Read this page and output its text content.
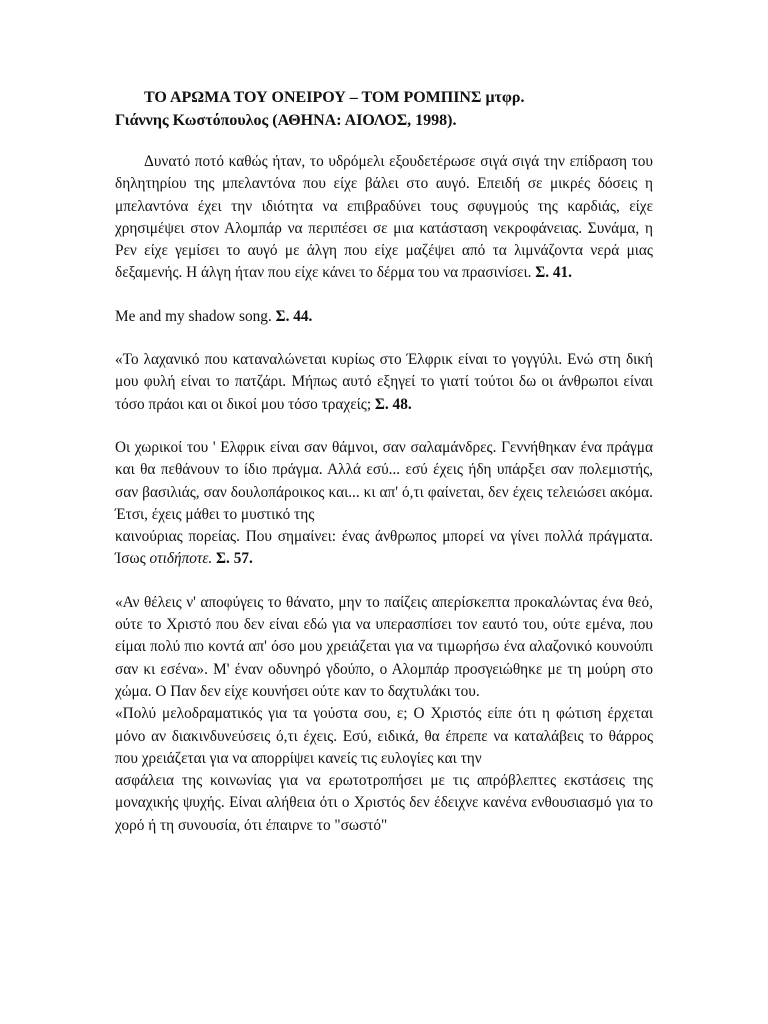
ΤΟ ΑΡΩΜΑ ΤΟΥ ΟΝΕΙΡΟΥ – ΤΟΜ ΡΟΜΠΙΝΣ μτφρ.
Γιάννης Κωστόπουλος (ΑΘΗΝΑ: ΑΙΟΛΟΣ, 1998).

Δυνατό ποτό καθώς ήταν, το υδρόμελι εξουδετέρωσε σιγά σιγά την επίδραση του δηλητηρίου της μπελαντόνα που είχε βάλει στο αυγό. Επειδή σε μικρές δόσεις η μπελαντόνα έχει την ιδιότητα να επιβραδύνει τους σφυγμούς της καρδιάς, είχε χρησιμέψει στον Αλομπάρ να περιπέσει σε μια κατάσταση νεκροφάνειας. Συνάμα, η Ρεν είχε γεμίσει το αυγό με άλγη που είχε μαζέψει από τα λιμνάζοντα νερά μιας δεξαμενής. Η άλγη ήταν που είχε κάνει το δέρμα του να πρασινίσει. Σ. 41.

Me and my shadow song. Σ. 44.

«Το λαχανικό που καταναλώνεται κυρίως στο Έλφρικ είναι το γογγύλι. Ενώ στη δική μου φυλή είναι το πατζάρι. Μήπως αυτό εξηγεί το γιατί τούτοι δω οι άνθρωποι είναι τόσο πράοι και οι δικοί μου τόσο τραχείς; Σ. 48.

Οι χωρικοί του ' Ελφρικ είναι σαν θάμνοι, σαν σαλαμάνδρες. Γεννήθηκαν ένα πράγμα και θα πεθάνουν το ίδιο πράγμα. Αλλά εσύ... εσύ έχεις ήδη υπάρξει σαν πολεμιστής, σαν βασιλιάς, σαν δουλοπάροικος και... κι απ' ό,τι φαίνεται, δεν έχεις τελειώσει ακόμα. Έτσι, έχεις μάθει το μυστικό της
καινούριας πορείας. Που σημαίνει: ένας άνθρωπος μπορεί να γίνει πολλά πράγματα. Ίσως οτιδήποτε. Σ. 57.

«Αν θέλεις ν' αποφύγεις το θάνατο, μην το παίζεις απερίσκεπτα προκαλώντας ένα θεό, ούτε το Χριστό που δεν είναι εδώ για να υπερασπίσει τον εαυτό του, ούτε εμένα, που είμαι πολύ πιο κοντά απ' όσο μου χρειάζεται για να τιμωρήσω ένα αλαζονικό κουνούπι σαν κι εσένα». Μ' έναν οδυνηρό γδούπο, ο Αλομπάρ προσγειώθηκε με τη μούρη στο χώμα. Ο Παν δεν είχε κουνήσει ούτε καν το δαχτυλάκι του.

«Πολύ μελοδραματικός για τα γούστα σου, ε; Ο Χριστός είπε ότι η φώτιση έρχεται μόνο αν διακινδυνεύσεις ό,τι έχεις. Εσύ, ειδικά, θα έπρεπε να καταλάβεις το θάρρος που χρειάζεται για να απορρίψει κανείς τις ευλογίες και την

ασφάλεια της κοινωνίας για να ερωτοτροπήσει με τις απρόβλεπτες εκστάσεις της μοναχικής ψυχής. Είναι αλήθεια ότι ο Χριστός δεν έδειχνε κανένα ενθουσιασμό για το χορό ή τη συνουσία, ότι έπαιρνε το "σωστό"
